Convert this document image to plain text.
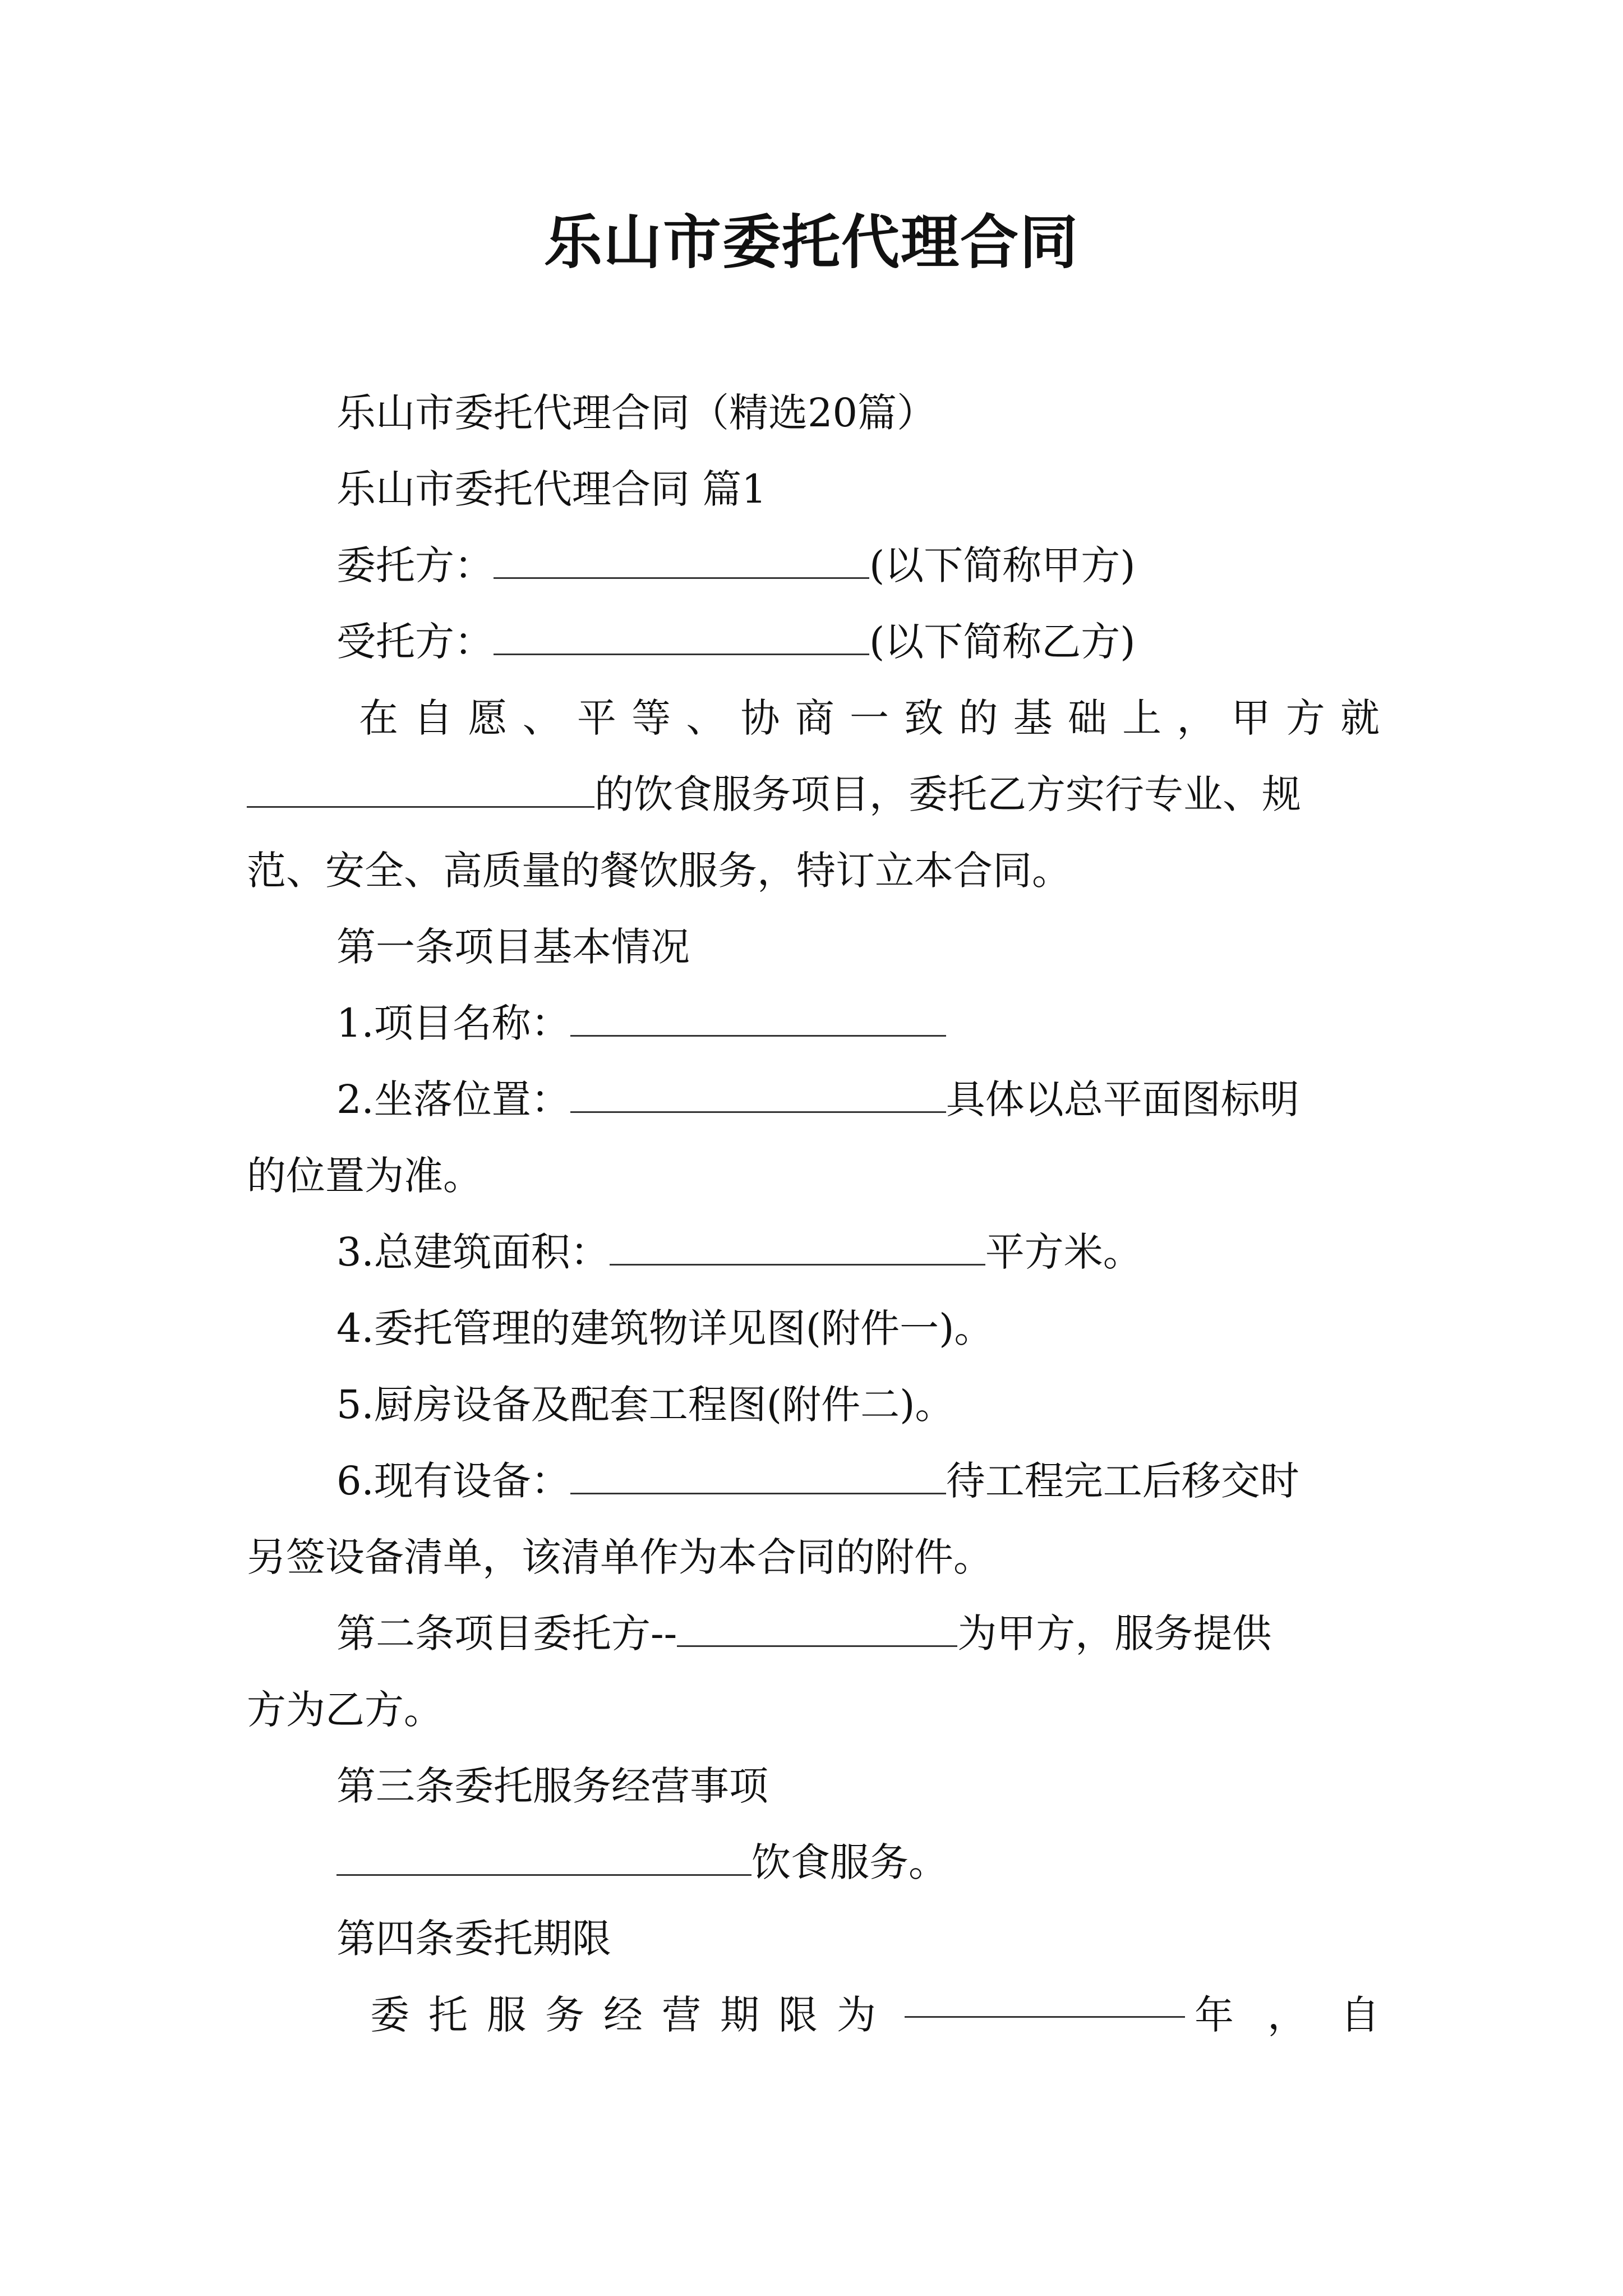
乐山市委托代理合同

乐山市委托代理合同（精选20篇）

乐山市委托代理合同 篇1

委托方：	(以下简称甲方)

受托方：	(以下简称乙方)

在自愿、平等、协商一致的基础上，甲方就

的饮食服务项目，委托乙方实行专业、规

范、安全、高质量的餐饮服务，特订立本合同。

第一条项目基本情况

1.项目名称：

2.坐落位置：	具体以总平面图标明

的位置为准。

3.总建筑面积：	平方米。

4.委托管理的建筑物详见图(附件一)。

5.厨房设备及配套工程图(附件二)。

6.现有设备：	待工程完工后移交时

另签设备清单，该清单作为本合同的附件。

第二条项目委托方--	为甲方，服务提供

方为乙方。

第三条委托服务经营事项

饮食服务。

第四条委托期限

委托服务经营期限为	年，自
